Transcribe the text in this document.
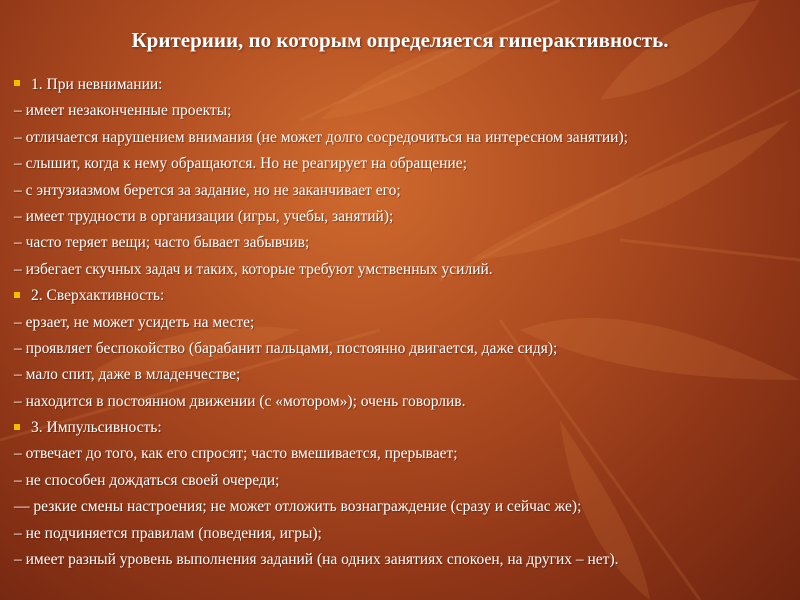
Критериии, по которым определяется гиперактивность.
1. При невнимании:
– имеет незаконченные проекты;
– отличается нарушением внимания (не может долго сосредочиться на интересном занятии);
– слышит, когда к нему обращаются. Но не реагирует на обращение;
– с энтузиазмом берется за задание, но не заканчивает его;
– имеет трудности в организации (игры, учебы, занятий);
– часто теряет вещи; часто бывает забывчив;
– избегает скучных задач и таких, которые требуют умственных усилий.
2. Сверхактивность:
– ерзает, не может усидеть на месте;
– проявляет беспокойство (барабанит пальцами, постоянно двигается, даже сидя);
– мало спит, даже в младенчестве;
– находится в постоянном движении (с «мотором»); очень говорлив.
3. Импульсивность:
– отвечает до того, как его спросят; часто вмешивается, прерывает;
– не способен дождаться своей очереди;
–– резкие смены настроения; не может отложить вознаграждение (сразу и сейчас же);
– не подчиняется правилам (поведения, игры);
– имеет разный уровень выполнения заданий (на одних занятиях спокоен, на других – нет).
